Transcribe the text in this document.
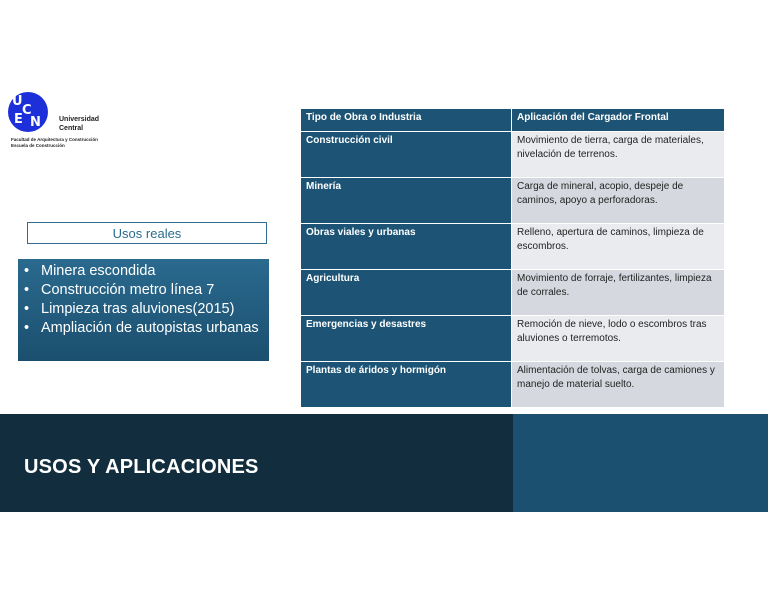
U
C
E N	Universidad
Central
Facultad de Arquitectura y Construcción
Escuela de Construcción
Usos reales
• Minera escondida
• Construcción metro línea 7
• Limpieza tras aluviones(2015)
• Ampliación de autopistas urbanas
Tipo de Obra o Industria	Aplicación del Cargador Frontal
Construcción civil	Movimiento de tierra, carga de materiales, nivelación de terrenos.
Minería	Carga de mineral, acopio, despeje de caminos, apoyo a perforadoras.
Obras viales y urbanas	Relleno, apertura de caminos, limpieza de escombros.
Agricultura	Movimiento de forraje, fertilizantes, limpieza de corrales.
Emergencias y desastres	Remoción de nieve, lodo o escombros tras aluviones o terremotos.
Plantas de áridos y hormigón	Alimentación de tolvas, carga de camiones y manejo de material suelto.
USOS Y APLICACIONES
